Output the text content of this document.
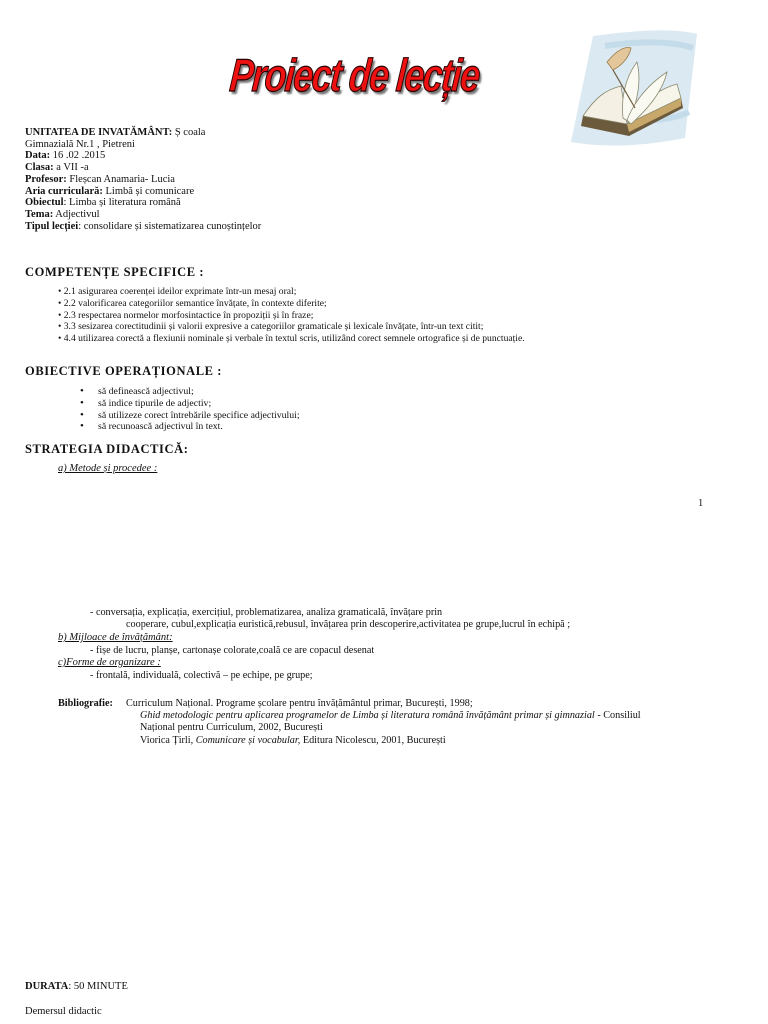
Proiect de lecție
UNITATEA DE INVATĂMÂNT: Ș coala
Gimnazială Nr.1 , Pietreni
Data: 16 .02 .2015
Clasa: a VII -a
Profesor: Fleșcan Anamaria- Lucia
Aria curriculară: Limbă și comunicare
Obiectul: Limba și literatura română
Tema: Adjectivul
Tipul lecției: consolidare și sistematizarea cunoștințelor
COMPETENȚE SPECIFICE :
• 2.1 asigurarea coerenței ideilor exprimate într-un mesaj oral;
• 2.2 valorificarea categoriilor semantice învățate, în contexte diferite;
• 2.3 respectarea normelor morfosintactice în propoziții și în fraze;
• 3.3 sesizarea corectitudinii și valorii expresive a categoriilor gramaticale și lexicale învățate, într-un text citit;
• 4.4 utilizarea corectă a flexiunii nominale și verbale în textul scris, utilizând corect semnele ortografice și de punctuație.
OBIECTIVE OPERAȚIONALE :
• să definească adjectivul;
• să indice tipurile de adjectiv;
• să utilizeze corect întrebările specifice adjectivului;
• să recunoască adjectivul în text.
STRATEGIA DIDACTICĂ:
a) Metode și procedee :
1
- conversația, explicația, exercițiul, problematizarea, analiza gramaticală, învățare prin
cooperare, cubul,explicația euristică,rebusul, învățarea prin descoperire,activitatea pe grupe,lucrul în echipă ;
b) Mijloace de învățământ:
- fișe de lucru, planșe, cartonașe colorate,coală ce are copacul desenat
c)Forme de organizare :
- frontală, individuală, colectivă – pe echipe, pe grupe;
Bibliografie: Curriculum Național. Programe școlare pentru învățământul primar, București, 1998;
Ghid metodologic pentru aplicarea programelor de Limba și literatura română învățământ primar și gimnazial - Consiliul
Național pentru Curriculum, 2002, București
Viorica Țirli, Comunicare și vocabular, Editura Nicolescu, 2001, București
DURATA: 50 MINUTE
Demersul didactic
